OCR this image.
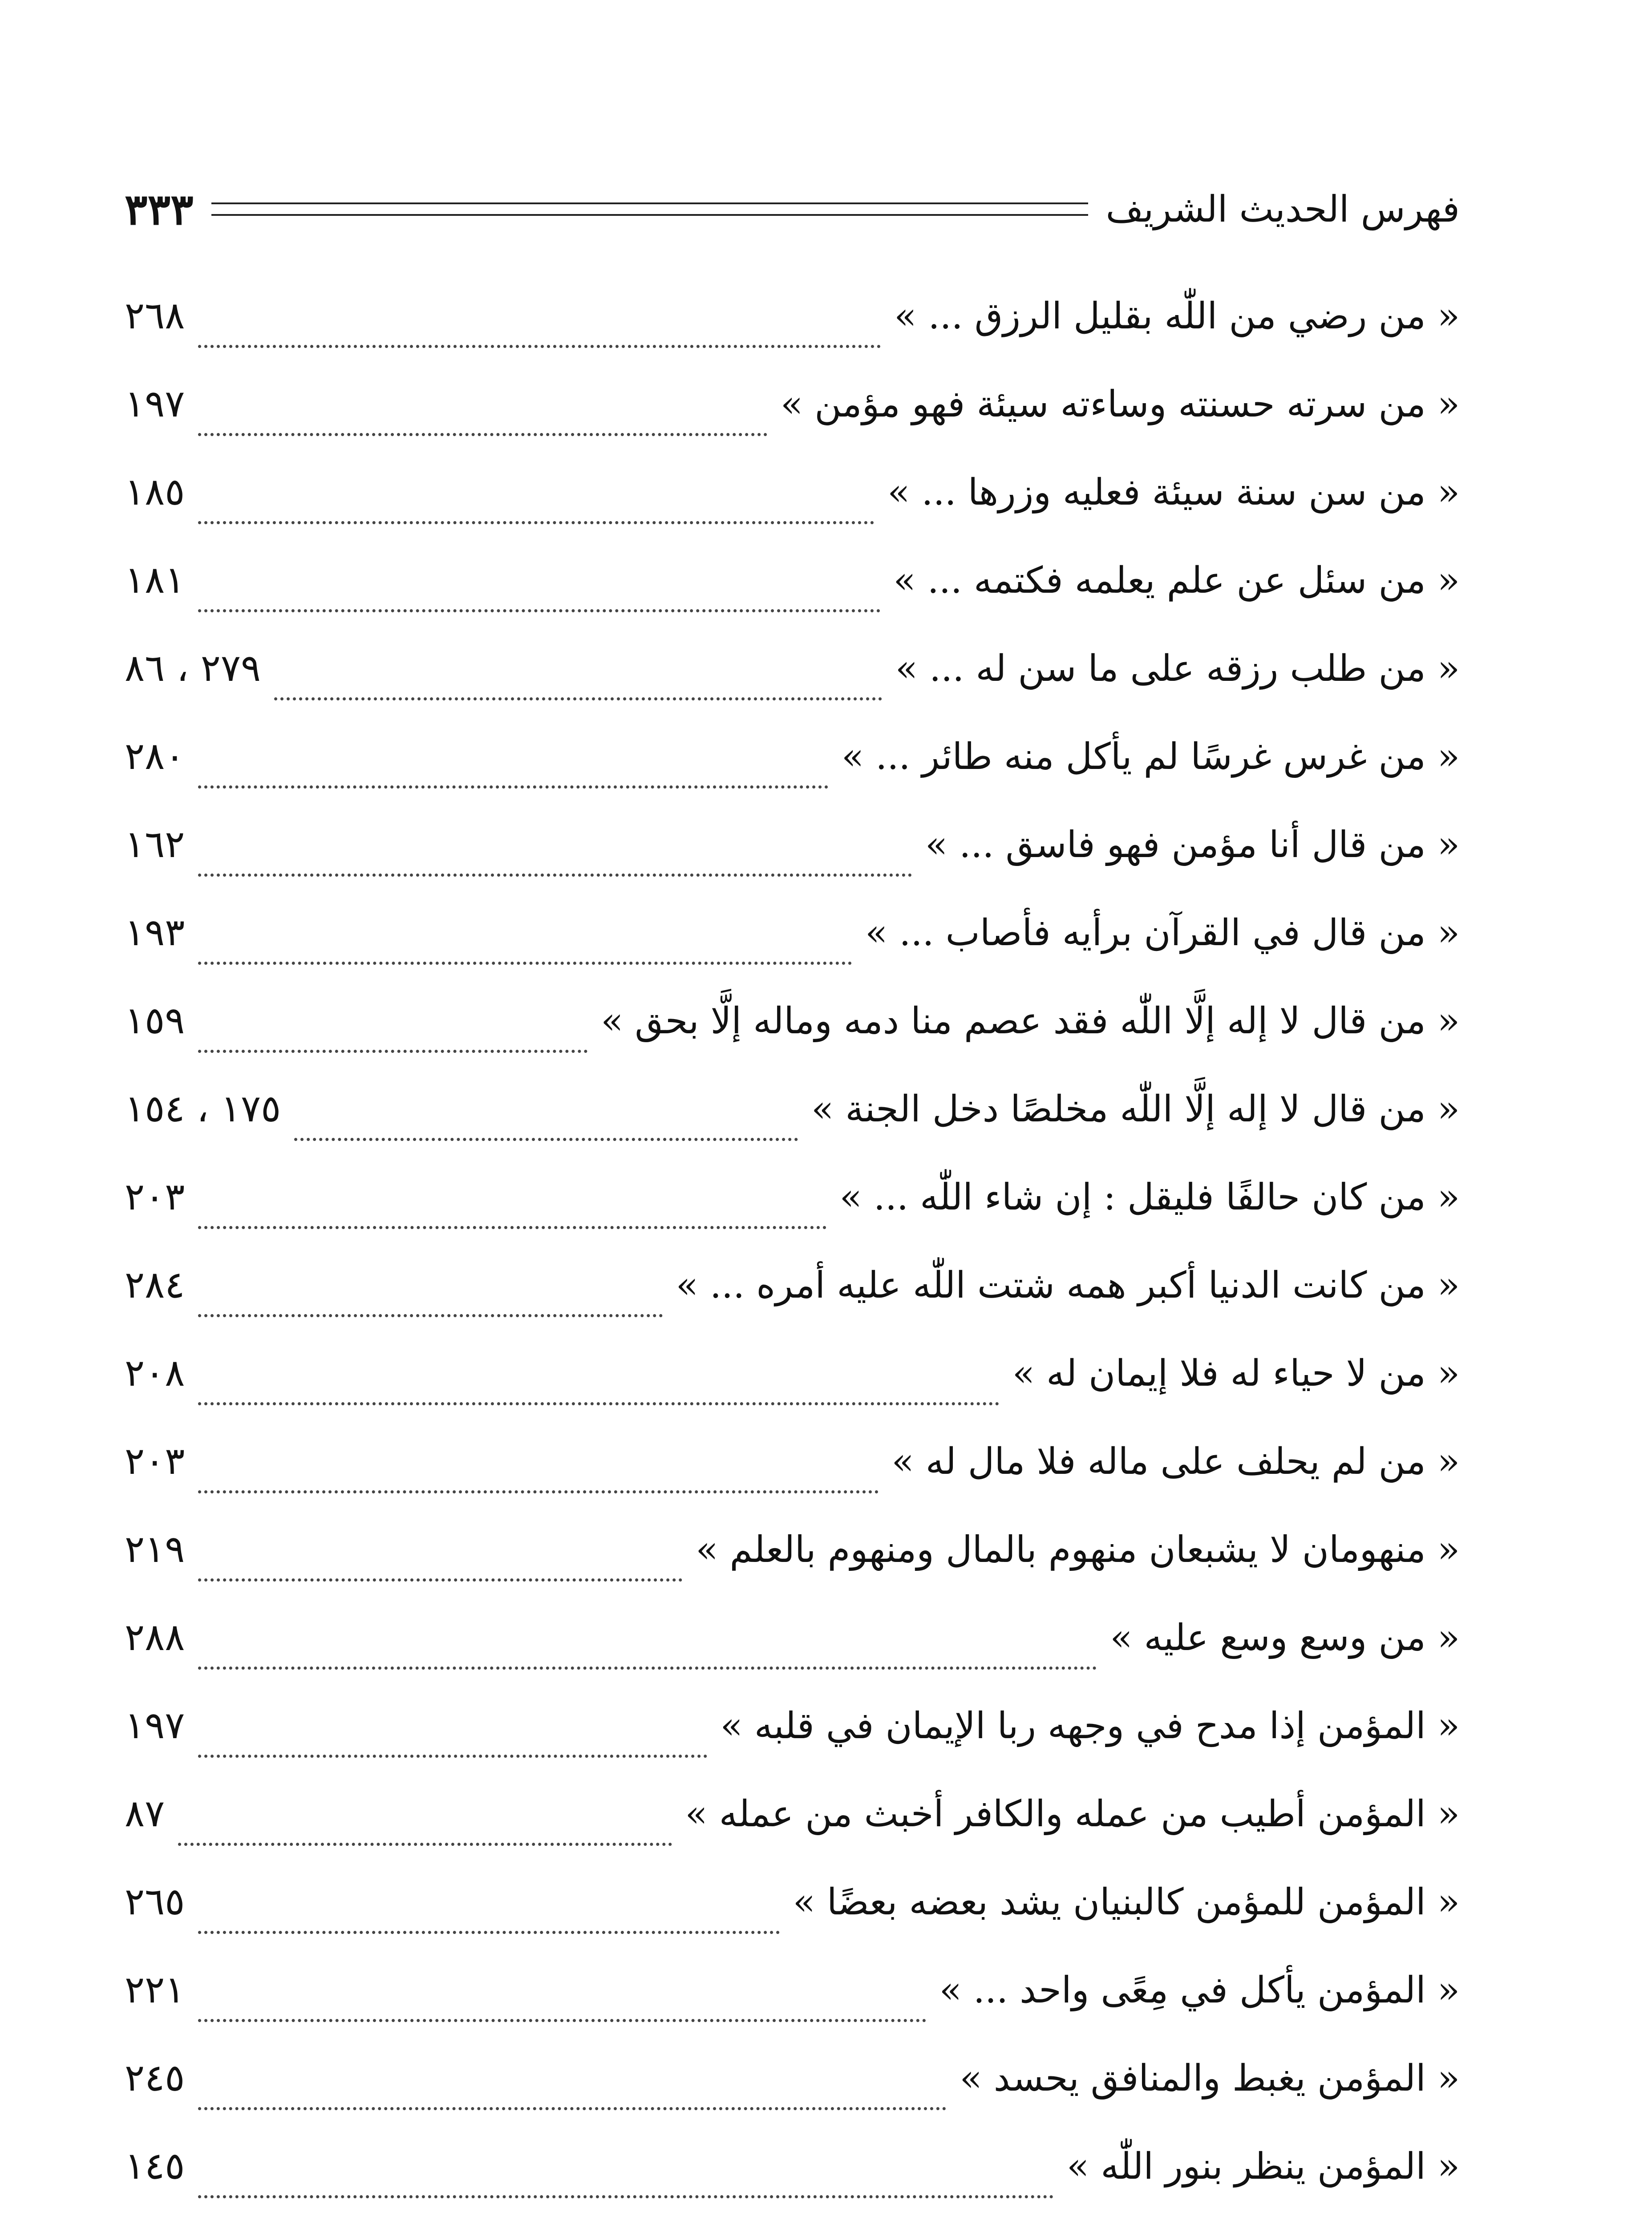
٣٣٣	فهرس الحديث الشريف
٢٦٨	« من رضي من اللّٰه بقليل الرزق ... »
١٩٧	« من سرته حسنته وساءته سيئة فهو مؤمن »
١٨٥	« من سن سنة سيئة فعليه وزرها ... »
١٨١	« من سئل عن علم يعلمه فكتمه ... »
٢٧٩ ، ٨٦	« من طلب رزقه على ما سن له ... »
٢٨٠	« من غرس غرسًا لم يأكل منه طائر ... »
١٦٢	« من قال أنا مؤمن فهو فاسق ... »
١٩٣	« من قال في القرآن برأيه فأصاب ... »
١٥٩	« من قال لا إله إلَّا اللّٰه فقد عصم منا دمه وماله إلَّا بحق »
١٧٥ ، ١٥٤	« من قال لا إله إلَّا اللّٰه مخلصًا دخل الجنة »
٢٠٣	« من كان حالفًا فليقل : إن شاء اللّٰه ... »
٢٨٤	« من كانت الدنيا أكبر همه شتت اللّٰه عليه أمره ... »
٢٠٨	« من لا حياء له فلا إيمان له »
٢٠٣	« من لم يحلف على ماله فلا مال له »
٢١٩	« منهومان لا يشبعان منهوم بالمال ومنهوم بالعلم »
٢٨٨	« من وسع وسع عليه »
١٩٧	« المؤمن إذا مدح في وجهه ربا الإيمان في قلبه »
٨٧	« المؤمن أطيب من عمله والكافر أخبث من عمله »
٢٦٥	« المؤمن للمؤمن كالبنيان يشد بعضه بعضًا »
٢٢١	« المؤمن يأكل في مِعًى واحد ... »
٢٤٥	« المؤمن يغبط والمنافق يحسد »
١٤٥	« المؤمن ينظر بنور اللّٰه »
